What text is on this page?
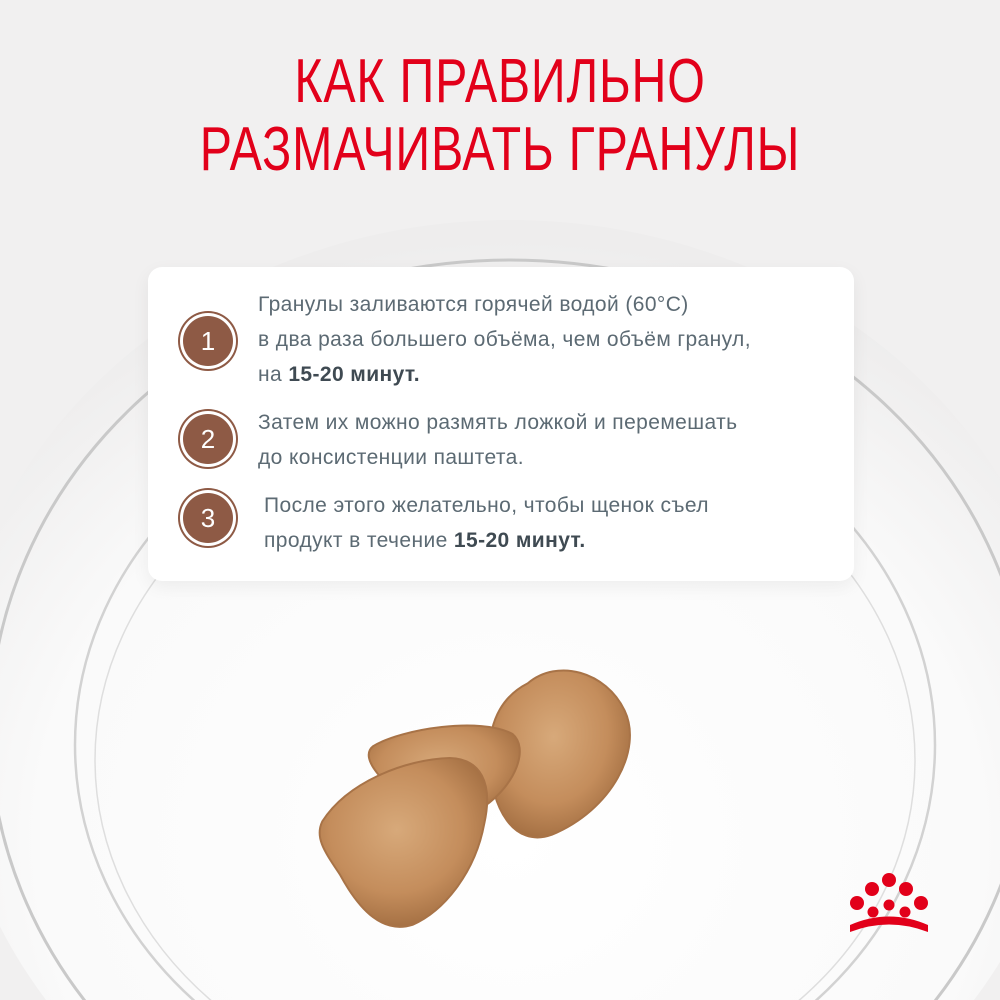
КАК ПРАВИЛЬНО
РАЗМАЧИВАТЬ ГРАНУЛЫ
1
Гранулы заливаются горячей водой (60°C)
в два раза большего объёма, чем объём гранул,
на 15-20 минут.
2
Затем их можно размять ложкой и перемешать
до консистенции паштета.
3	После этого желательно, чтобы щенок съел
продукт в течение 15-20 минут.
